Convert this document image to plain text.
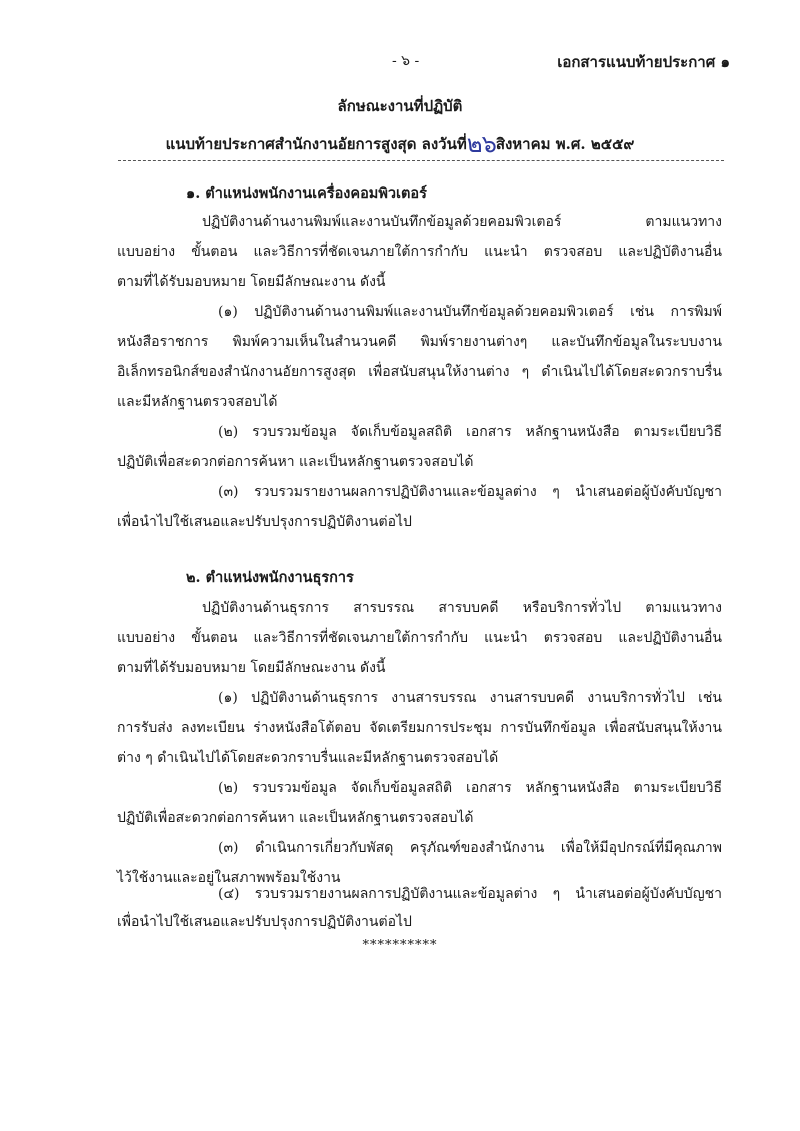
- ๖ -	เอกสารแนบท้ายประกาศ ๑
ลักษณะงานที่ปฏิบัติ
แนบท้ายประกาศสำนักงานอัยการสูงสุด ลงวันที่๒๖สิงหาคม พ.ศ. ๒๕๕๙
๑. ตำแหน่งพนักงานเครื่องคอมพิวเตอร์
ปฏิบัติงานด้านงานพิมพ์และงานบันทึกข้อมูลด้วยคอมพิวเตอร์ ตามแนวทาง
แบบอย่าง ขั้นตอน และวิธีการที่ชัดเจนภายใต้การกำกับ แนะนำ ตรวจสอบ และปฏิบัติงานอื่น
ตามที่ได้รับมอบหมาย โดยมีลักษณะงาน ดังนี้
(๑) ปฏิบัติงานด้านงานพิมพ์และงานบันทึกข้อมูลด้วยคอมพิวเตอร์ เช่น การพิมพ์
หนังสือราชการ พิมพ์ความเห็นในสำนวนคดี พิมพ์รายงานต่างๆ และบันทึกข้อมูลในระบบงาน
อิเล็กทรอนิกส์ของสำนักงานอัยการสูงสุด เพื่อสนับสนุนให้งานต่าง ๆ ดำเนินไปได้โดยสะดวกราบรื่น
และมีหลักฐานตรวจสอบได้
(๒) รวบรวมข้อมูล จัดเก็บข้อมูลสถิติ เอกสาร หลักฐานหนังสือ ตามระเบียบวิธี
ปฏิบัติเพื่อสะดวกต่อการค้นหา และเป็นหลักฐานตรวจสอบได้
(๓) รวบรวมรายงานผลการปฏิบัติงานและข้อมูลต่าง ๆ นำเสนอต่อผู้บังคับบัญชา
เพื่อนำไปใช้เสนอและปรับปรุงการปฏิบัติงานต่อไป
๒. ตำแหน่งพนักงานธุรการ
ปฏิบัติงานด้านธุรการ สารบรรณ สารบบคดี หรือบริการทั่วไป ตามแนวทาง
แบบอย่าง ขั้นตอน และวิธีการที่ชัดเจนภายใต้การกำกับ แนะนำ ตรวจสอบ และปฏิบัติงานอื่น
ตามที่ได้รับมอบหมาย โดยมีลักษณะงาน ดังนี้
(๑) ปฏิบัติงานด้านธุรการ งานสารบรรณ งานสารบบคดี งานบริการทั่วไป เช่น
การรับส่ง ลงทะเบียน ร่างหนังสือโต้ตอบ จัดเตรียมการประชุม การบันทึกข้อมูล เพื่อสนับสนุนให้งาน
ต่าง ๆ ดำเนินไปได้โดยสะดวกราบรื่นและมีหลักฐานตรวจสอบได้
(๒) รวบรวมข้อมูล จัดเก็บข้อมูลสถิติ เอกสาร หลักฐานหนังสือ ตามระเบียบวิธี
ปฏิบัติเพื่อสะดวกต่อการค้นหา และเป็นหลักฐานตรวจสอบได้
(๓) ดำเนินการเกี่ยวกับพัสดุ ครุภัณฑ์ของสำนักงาน เพื่อให้มีอุปกรณ์ที่มีคุณภาพ
ไว้ใช้งานและอยู่ในสภาพพร้อมใช้งาน
(๔) รวบรวมรายงานผลการปฏิบัติงานและข้อมูลต่าง ๆ นำเสนอต่อผู้บังคับบัญชา
เพื่อนำไปใช้เสนอและปรับปรุงการปฏิบัติงานต่อไป
**********
